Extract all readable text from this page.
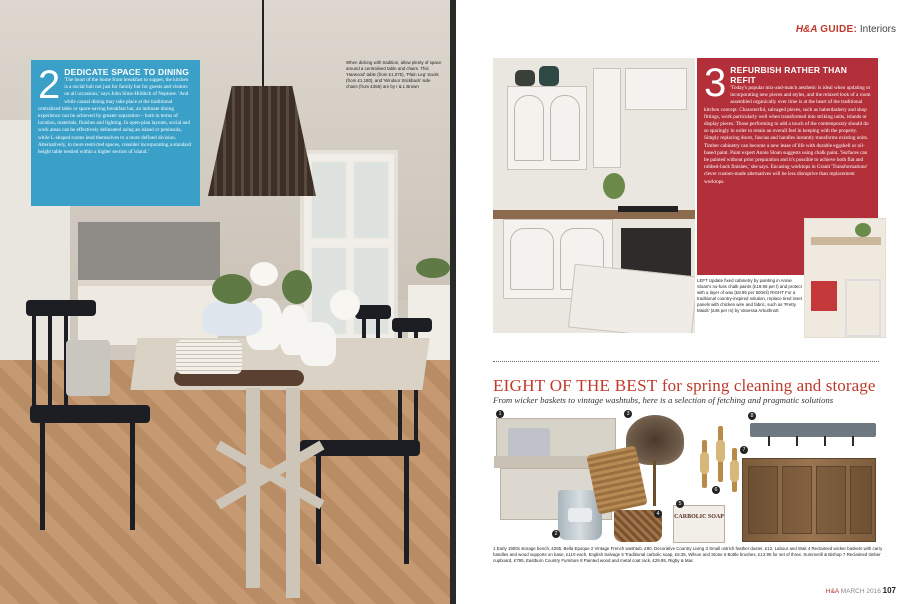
2 DEDICATE SPACE TO DINING
'The heart of the home from breakfast to supper, the kitchen is a social hub not just for family but for guests and visitors on all occasions,' says John Sims-Hilditch of Neptune. 'And while casual dining may take place at the traditional centralised table or space-saving breakfast bar, an intimate dining experience can be achieved by greater separation – both in terms of location, materials, finishes and lighting. In open-plan layouts, social and work areas can be effectively delineated using an island or peninsula, while L-shaped rooms lend themselves to a more defined division. Alternatively, in more restricted spaces, consider incorporating a standard height table nestled within a higher section of island.'
When dicking with tradition, allow plenty of space around a centralised table and chairs. This 'Harwood' table (from £1,075), 'Plain Leg' stools (from £1,180), and 'Windsor Stickback' side chairs (from £355) are by I & L Brown
H&A GUIDE: Interiors
3 REFURBISH RATHER THAN REFIT
'Today's popular mix-and-match aesthetic is ideal when updating or incorporating new pieces and styles, and the relaxed look of a room assembled organically over time is at the heart of the traditional kitchen concept. Characterful, salvaged pieces, such as haberdashery and shop fittings, work particularly well when transformed into striking units, islands or display pieces. Those performing to add a touch of the contemporary should do so sparingly in order to retain an overall feel in keeping with the property. Simply replacing doors, fascias and handles instantly transforms existing units. Timber cabinetry can become a new lease of life with durable eggshell or oil-based paint. Paint expert Annie Sloan suggests using chalk paint. 'Surfaces can be painted without prior preparation and it's possible to achieve both flat and rubbed-back finishes,' she says. Encasing worktops in Granit 'Transformations' clever custom-made alternatives will be less disruptive than replacement worktops.
LEFT Update fixed cabinetry by painting in Annie Sloan's no-fuss chalk paints (£19.95 per l) and protect with a layer of wax (£8.95 per 500ml) RIGHT For a traditional country-inspired solution, replace tired inset panels with chicken wire and fabric, such as 'Pretty Maids' (£46 per m) by Vanessa Arbuthnott
EIGHT OF THE BEST for spring cleaning and storage
From wicker baskets to vintage washtubs, here is a selection of fetching and pragmatic solutions
CARBOLIC SOAP
1
2
3
4
5
6
7
8
1 Early 1900s storage bench, £265, Bella Epoque 2 Vintage French washtub, £90, Decorative Country Living 3 Small ostrich feather duster, £12, Labour and Wait 4 Reclaimed wicker baskets with carry handles and wood supports on base, £110 each, English Salvage 5 Traditional carbolic soap, £5.35, Wilson and Stone 6 Bottle brushes, £12.95 for set of three, Summerill & Bishop 7 Reclaimed timber cupboard, £795, Eastburn Country Furniture 8 Painted wood and metal coat rack, £29.95, Rigby & Mac
H&A MARCH 2016 107
